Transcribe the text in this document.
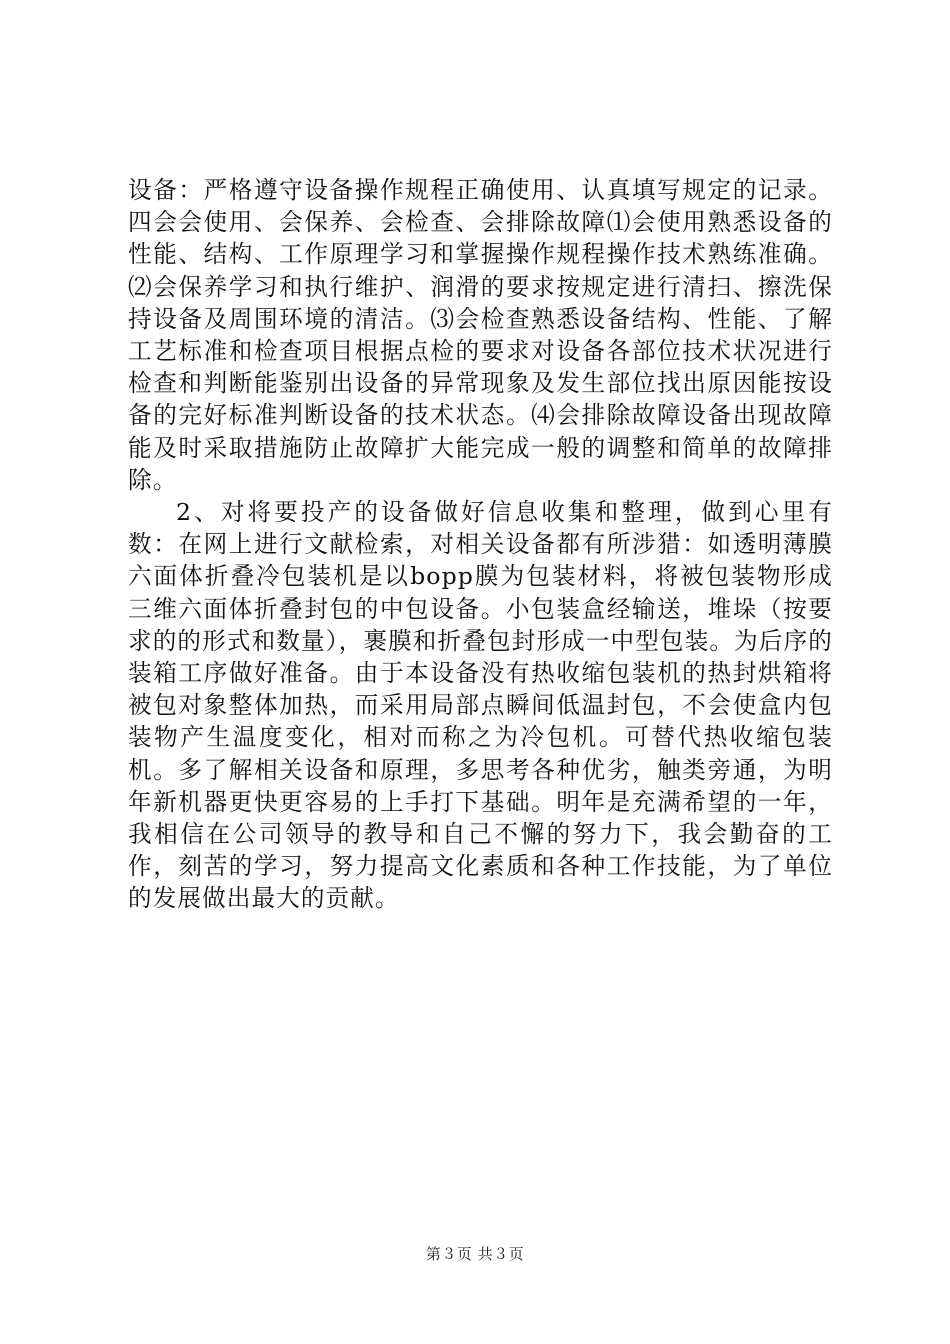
设备：严格遵守设备操作规程正确使用、认真填写规定的记录。四会会使用、会保养、会检查、会排除故障⑴会使用熟悉设备的性能、结构、工作原理学习和掌握操作规程操作技术熟练准确。⑵会保养学习和执行维护、润滑的要求按规定进行清扫、擦洗保持设备及周围环境的清洁。⑶会检查熟悉设备结构、性能、了解工艺标准和检查项目根据点检的要求对设备各部位技术状况进行检查和判断能鉴别出设备的异常现象及发生部位找出原因能按设备的完好标准判断设备的技术状态。⑷会排除故障设备出现故障能及时采取措施防止故障扩大能完成一般的调整和简单的故障排除。

2、对将要投产的设备做好信息收集和整理，做到心里有数：在网上进行文献检索，对相关设备都有所涉猎：如透明薄膜六面体折叠冷包装机是以bopp膜为包装材料，将被包装物形成三维六面体折叠封包的中包设备。小包装盒经输送，堆垛（按要求的的形式和数量），裹膜和折叠包封形成一中型包装。为后序的装箱工序做好准备。由于本设备没有热收缩包装机的热封烘箱将被包对象整体加热，而采用局部点瞬间低温封包，不会使盒内包装物产生温度变化，相对而称之为冷包机。可替代热收缩包装机。多了解相关设备和原理，多思考各种优劣，触类旁通，为明年新机器更快更容易的上手打下基础。明年是充满希望的一年，我相信在公司领导的教导和自己不懈的努力下，我会勤奋的工作，刻苦的学习，努力提高文化素质和各种工作技能，为了单位的发展做出最大的贡献。

第３页 共３页
